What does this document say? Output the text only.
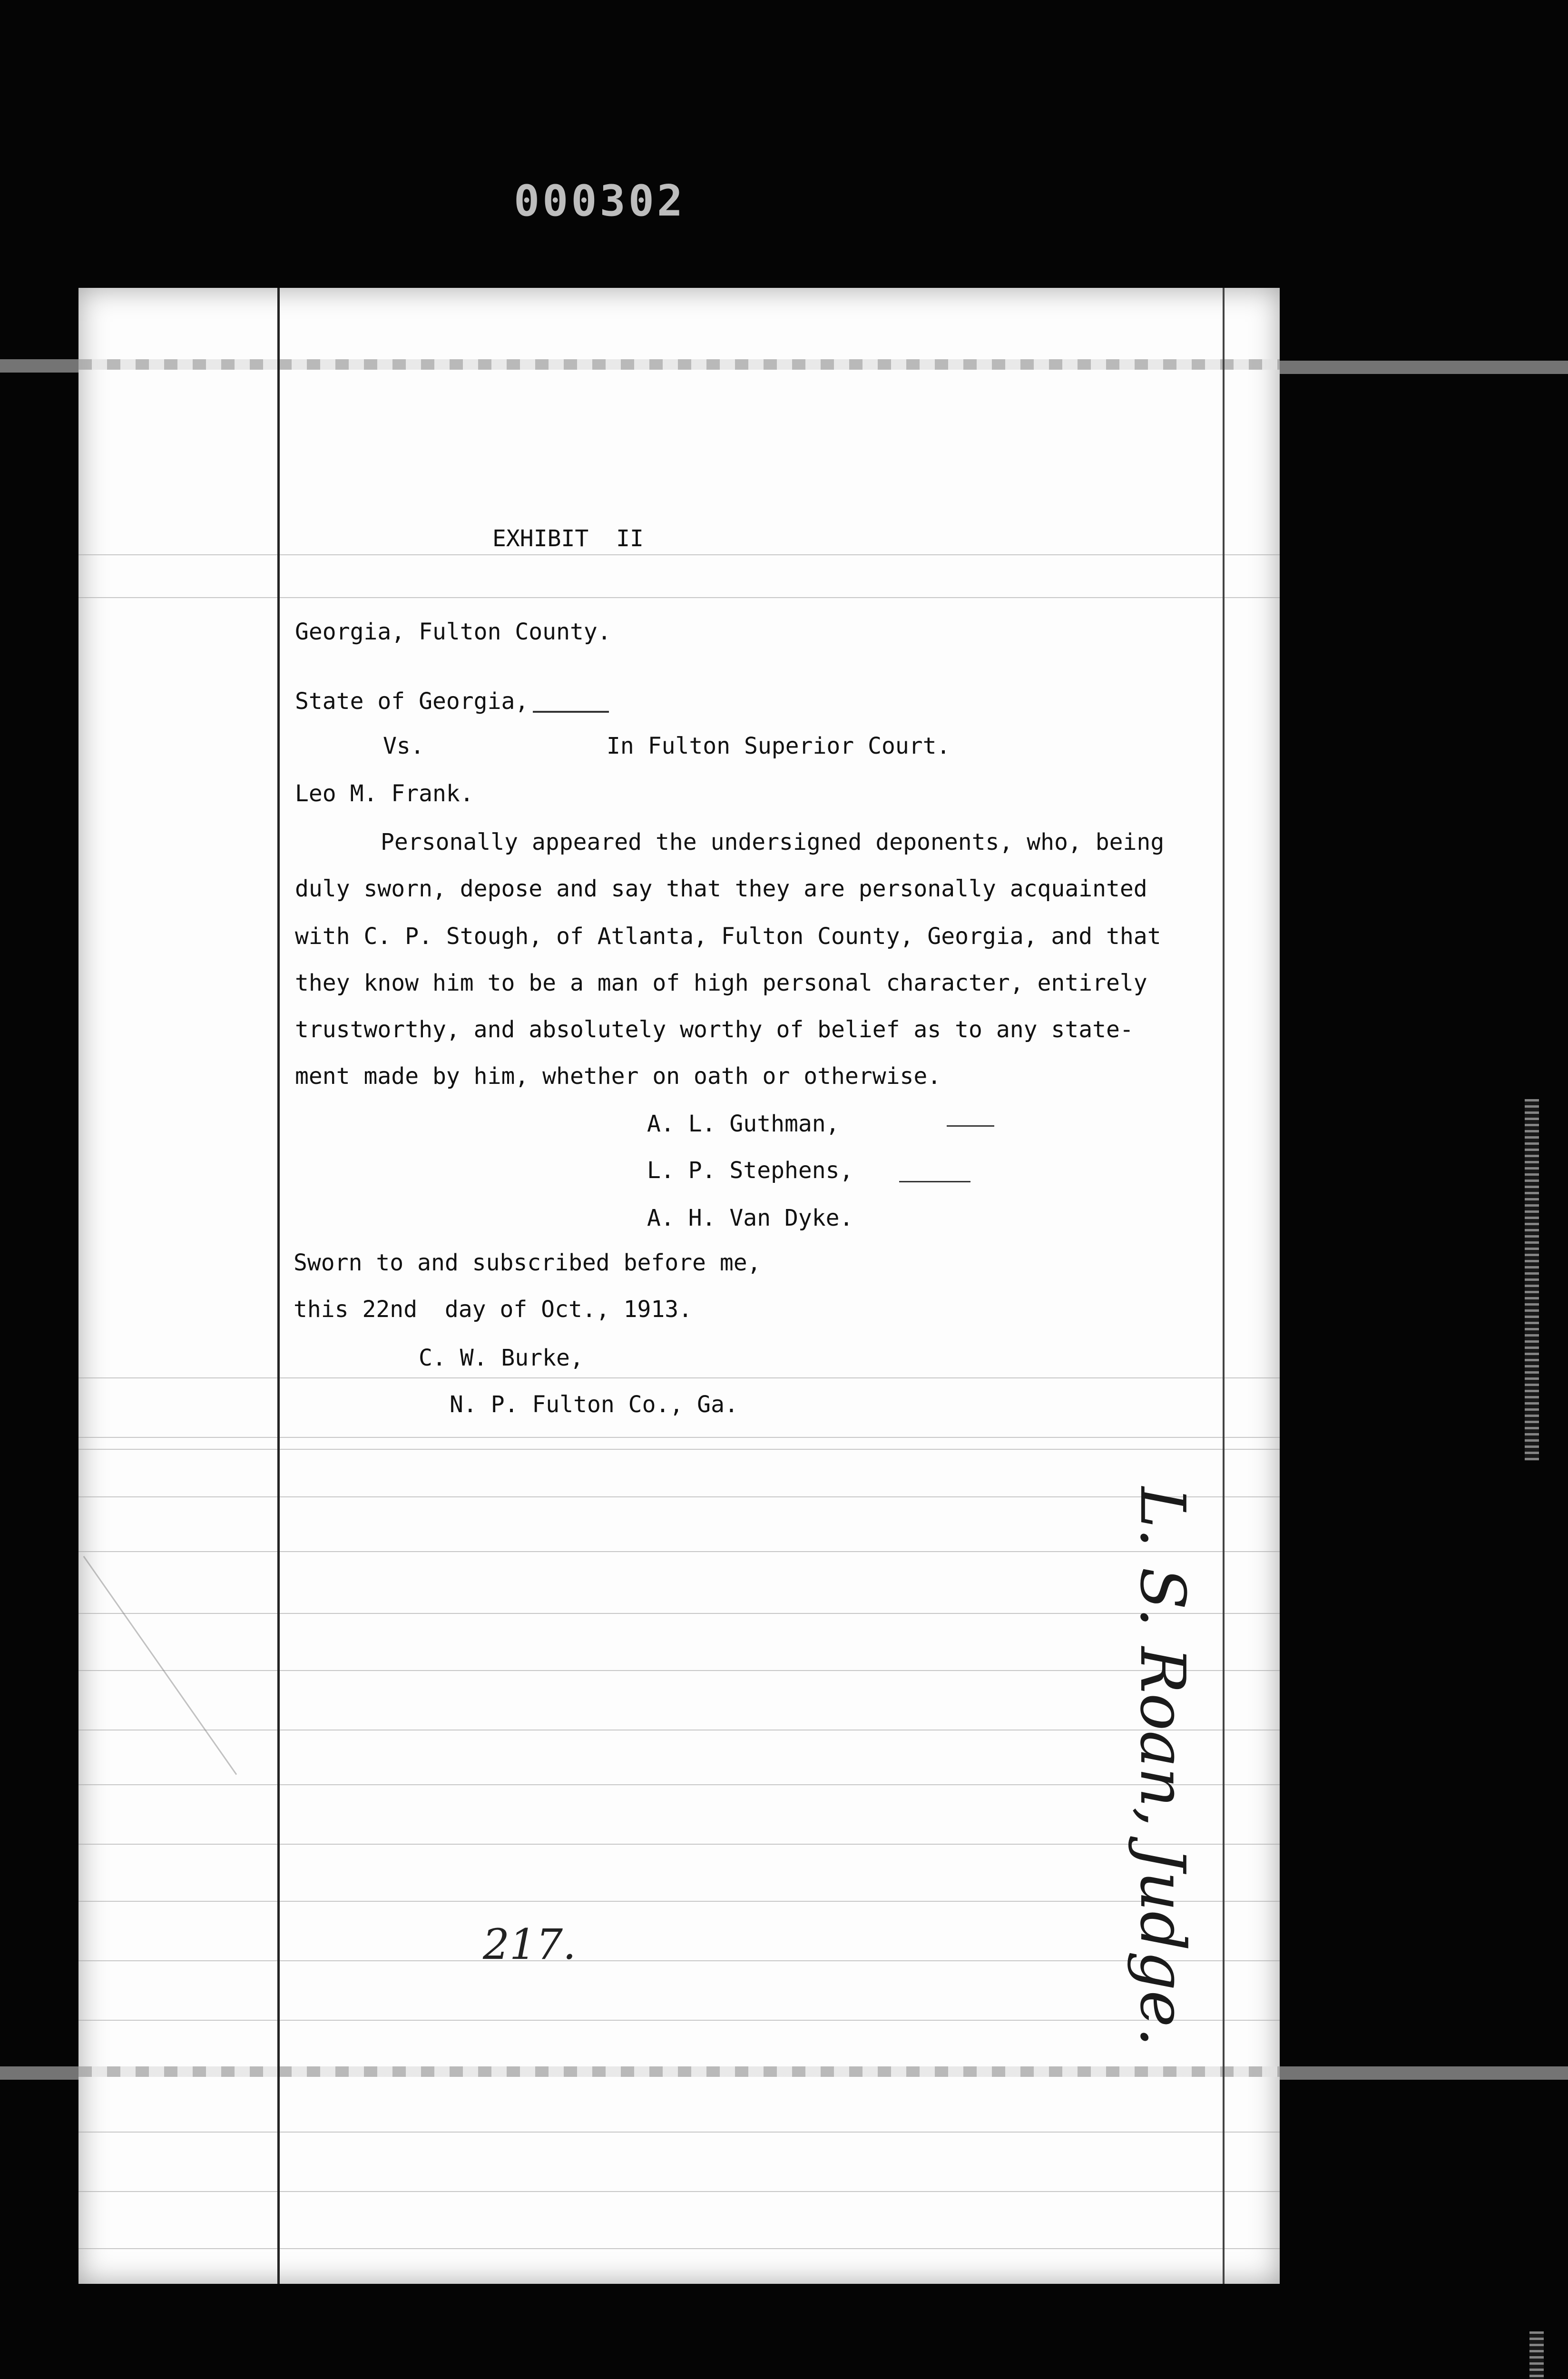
000302
EXHIBIT  II
Georgia, Fulton County.
State of Georgia,
Vs.	In Fulton Superior Court.
Leo M. Frank.
Personally appeared the undersigned deponents, who, being
duly sworn, depose and say that they are personally acquainted
with C. P. Stough, of Atlanta, Fulton County, Georgia, and that
they know him to be a man of high personal character, entirely
trustworthy, and absolutely worthy of belief as to any state-
ment made by him, whether on oath or otherwise.
A. L. Guthman,
L. P. Stephens,
A. H. Van Dyke.
Sworn to and subscribed before me,
this 22nd  day of Oct., 1913.
C. W. Burke,
N. P. Fulton Co., Ga.
L. S. Roan, Judge.
217.
